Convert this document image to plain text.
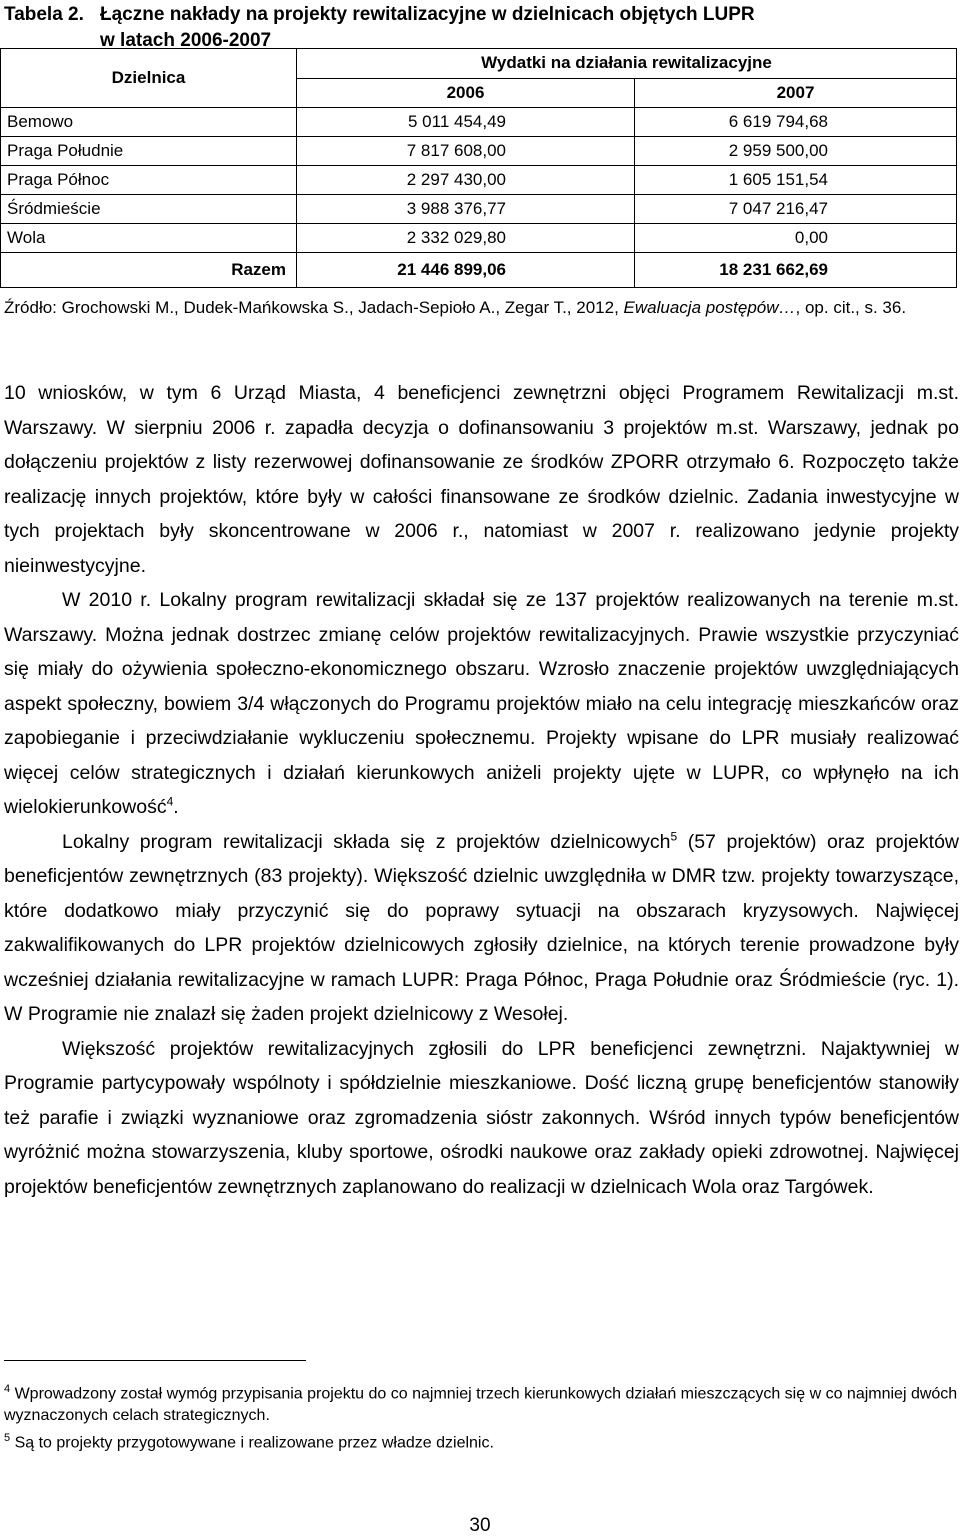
Tabela 2. Łączne nakłady na projekty rewitalizacyjne w dzielnicach objętych LUPR
w latach 2006-2007
Dzielnica	Wydatki na działania rewitalizacyjne	
	2006	2007
Bemowo	5 011 454,49	6 619 794,68
Praga Południe	7 817 608,00	2 959 500,00
Praga Północ	2 297 430,00	1 605 151,54
Śródmieście	3 988 376,77	7 047 216,47
Wola	2 332 029,80	0,00
Razem	21 446 899,06	18 231 662,69
Źródło: Grochowski M., Dudek-Mańkowska S., Jadach-Sepioło A., Zegar T., 2012, Ewaluacja postępów…, op. cit., s. 36.

10 wniosków, w tym 6 Urząd Miasta, 4 beneficjenci zewnętrzni objęci Programem Rewitalizacji m.st. Warszawy. W sierpniu 2006 r. zapadła decyzja o dofinansowaniu 3 projektów m.st. Warszawy, jednak po dołączeniu projektów z listy rezerwowej dofinansowanie ze środków ZPORR otrzymało 6. Rozpoczęto także realizację innych projektów, które były w całości finansowane ze środków dzielnic. Zadania inwestycyjne w tych projektach były skoncentrowane w 2006 r., natomiast w 2007 r. realizowano jedynie projekty nieinwestycyjne.

W 2010 r. Lokalny program rewitalizacji składał się ze 137 projektów realizowanych na terenie m.st. Warszawy. Można jednak dostrzec zmianę celów projektów rewitalizacyjnych. Prawie wszystkie przyczyniać się miały do ożywienia społeczno-ekonomicznego obszaru. Wzrosło znaczenie projektów uwzględniających aspekt społeczny, bowiem 3/4 włączonych do Programu projektów miało na celu integrację mieszkańców oraz zapobieganie i przeciwdziałanie wykluczeniu społecznemu. Projekty wpisane do LPR musiały realizować więcej celów strategicznych i działań kierunkowych aniżeli projekty ujęte w LUPR, co wpłynęło na ich wielokierunkowość$^4$.

Lokalny program rewitalizacji składa się z projektów dzielnicowych$^5$ (57 projektów) oraz projektów beneficjentów zewnętrznych (83 projekty). Większość dzielnic uwzględniła w DMR tzw. projekty towarzyszące, które dodatkowo miały przyczynić się do poprawy sytuacji na obszarach kryzysowych. Najwięcej zakwalifikowanych do LPR projektów dzielnicowych zgłosiły dzielnice, na których terenie prowadzone były wcześniej działania rewitalizacyjne w ramach LUPR: Praga Północ, Praga Południe oraz Śródmieście (ryc. 1). W Programie nie znalazł się żaden projekt dzielnicowy z Wesołej.

Większość projektów rewitalizacyjnych zgłosili do LPR beneficjenci zewnętrzni. Najaktywniej w Programie partycypowały wspólnoty i spółdzielnie mieszkaniowe. Dość liczną grupę beneficjentów stanowiły też parafie i związki wyznaniowe oraz zgromadzenia sióstr zakonnych. Wśród innych typów beneficjentów wyróżnić można stowarzyszenia, kluby sportowe, ośrodki naukowe oraz zakłady opieki zdrowotnej. Najwięcej projektów beneficjentów zewnętrznych zaplanowano do realizacji w dzielnicach Wola oraz Targówek.

$^4$ Wprowadzony został wymóg przypisania projektu do co najmniej trzech kierunkowych działań mieszczących się w co najmniej dwóch wyznaczonych celach strategicznych.
$^5$ Są to projekty przygotowywane i realizowane przez władze dzielnic.
30
